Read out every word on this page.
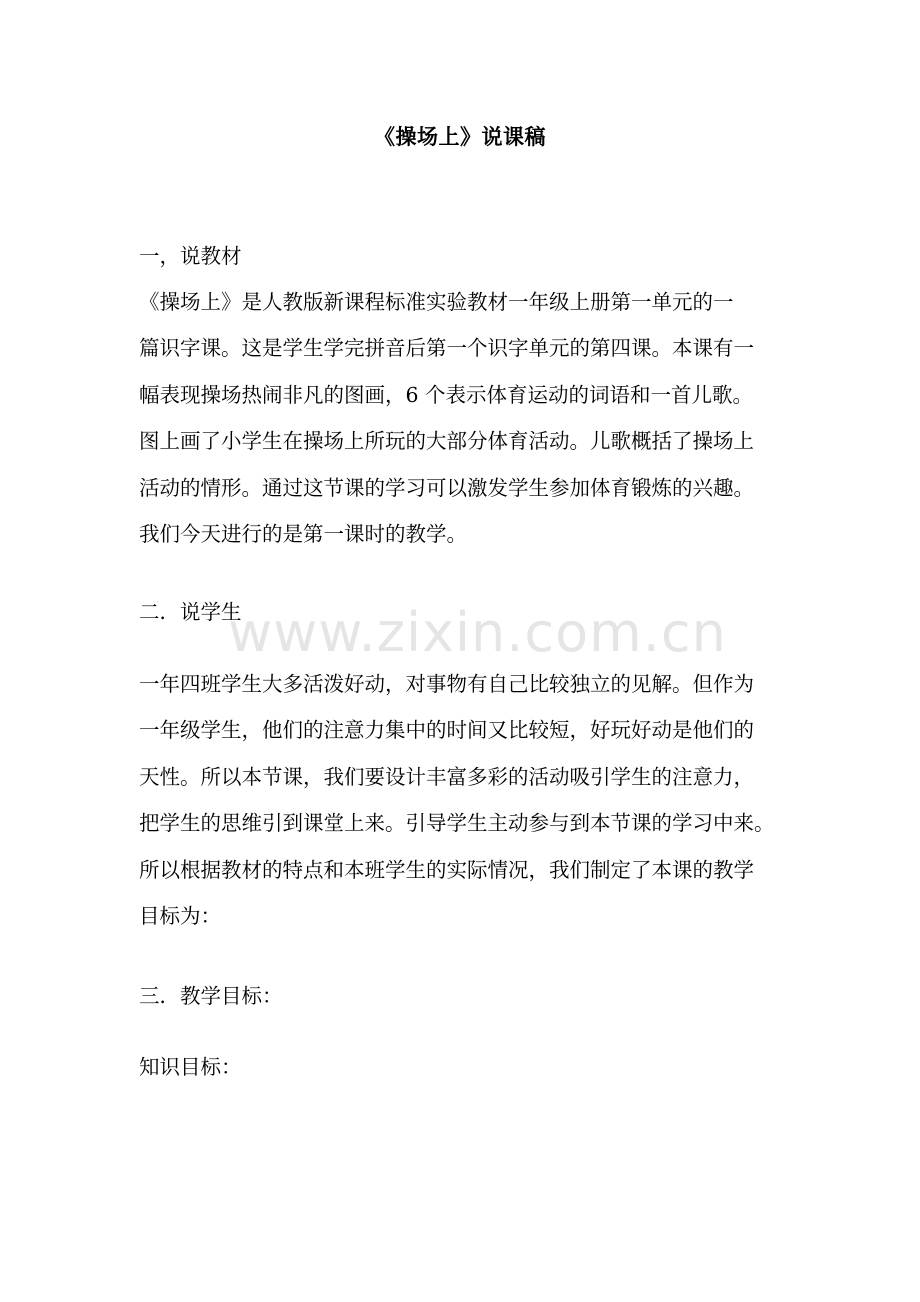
《操场上》说课稿
一，说教材
《操场上》是人教版新课程标准实验教材一年级上册第一单元的一
篇识字课。这是学生学完拼音后第一个识字单元的第四课。本课有一
幅表现操场热闹非凡的图画，6 个表示体育运动的词语和一首儿歌。
图上画了小学生在操场上所玩的大部分体育活动。儿歌概括了操场上
活动的情形。通过这节课的学习可以激发学生参加体育锻炼的兴趣。
我们今天进行的是第一课时的教学。
二．说学生
一年四班学生大多活泼好动，对事物有自己比较独立的见解。但作为
一年级学生，他们的注意力集中的时间又比较短，好玩好动是他们的
天性。所以本节课，我们要设计丰富多彩的活动吸引学生的注意力，
把学生的思维引到课堂上来。引导学生主动参与到本节课的学习中来。
所以根据教材的特点和本班学生的实际情况，我们制定了本课的教学
目标为：
三．教学目标：
知识目标：
www.zixin.com.cn
